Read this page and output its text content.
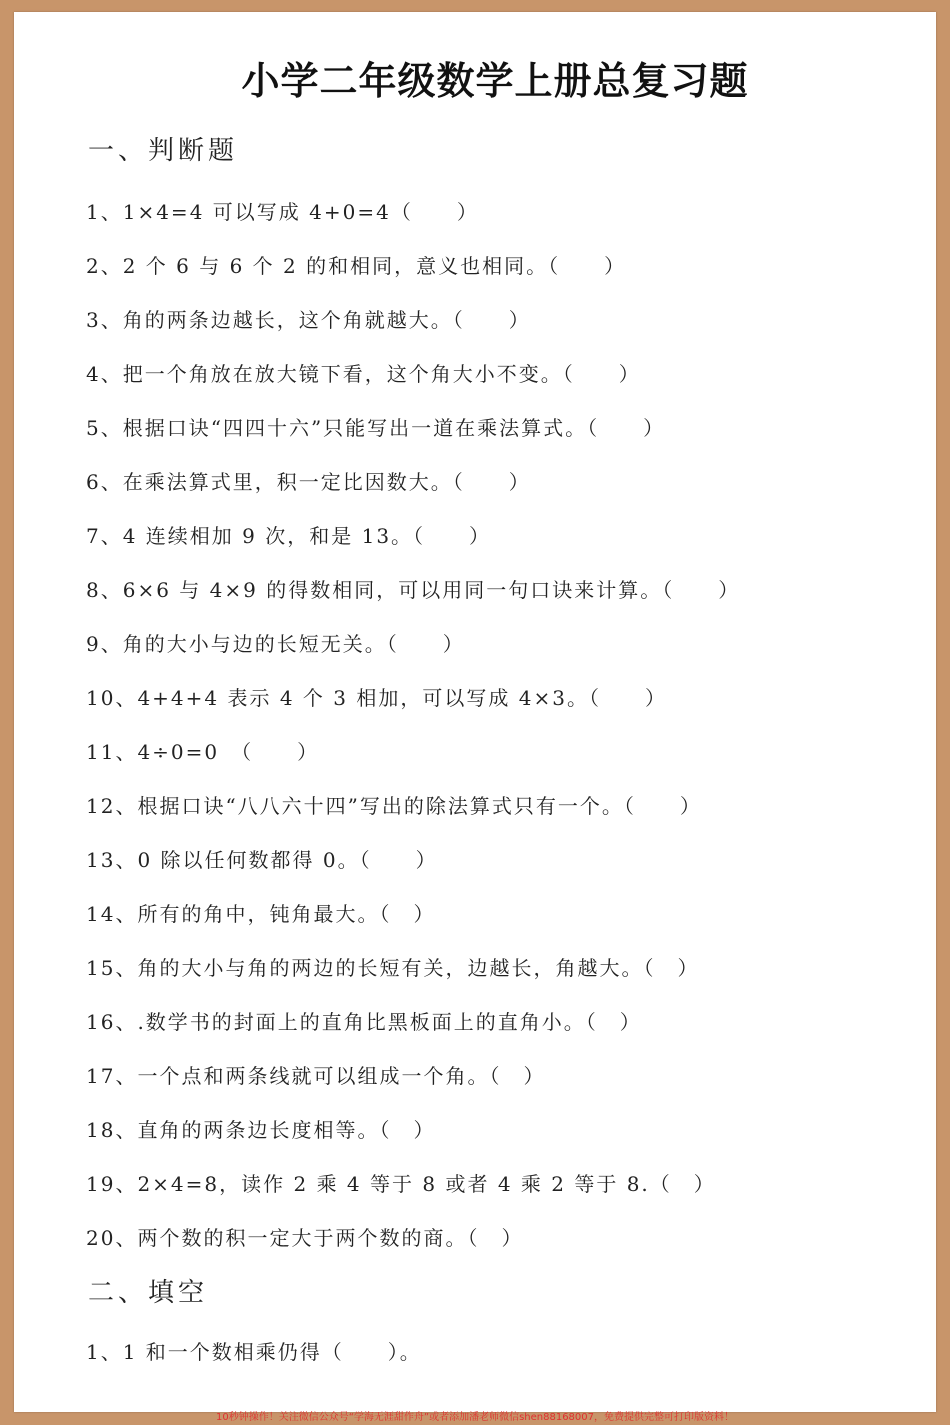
小学二年级数学上册总复习题
一、判断题
1、1×4=4 可以写成 4+0=4（　　）
2、2 个 6 与 6 个 2 的和相同，意义也相同。（　　）
3、角的两条边越长，这个角就越大。（　　）
4、把一个角放在放大镜下看，这个角大小不变。（　　）
5、根据口诀“四四十六”只能写出一道在乘法算式。（　　）
6、在乘法算式里，积一定比因数大。（　　）
7、4 连续相加 9 次，和是 13。（　　）
8、6×6 与 4×9 的得数相同，可以用同一句口诀来计算。（　　）
9、角的大小与边的长短无关。（　　）
10、4+4+4 表示 4 个 3 相加，可以写成 4×3。（　　）
11、4÷0=0　（　　）
12、根据口诀“八八六十四”写出的除法算式只有一个。（　　）
13、0 除以任何数都得 0。（　　）
14、所有的角中，钝角最大。（　）
15、角的大小与角的两边的长短有关，边越长，角越大。（　）
16、.数学书的封面上的直角比黑板面上的直角小。（　）
17、一个点和两条线就可以组成一个角。（　）
18、直角的两条边长度相等。（　）
19、2×4=8，读作 2 乘 4 等于 8 或者 4 乘 2 等于 8.（　）
20、两个数的积一定大于两个数的商。（　）
二、填空
1、1 和一个数相乘仍得（　　）。
10秒钟操作！关注微信公众号“学海无涯甜作舟”或者添加潘老师微信shen88168007，免费提供完整可打印版资料！
